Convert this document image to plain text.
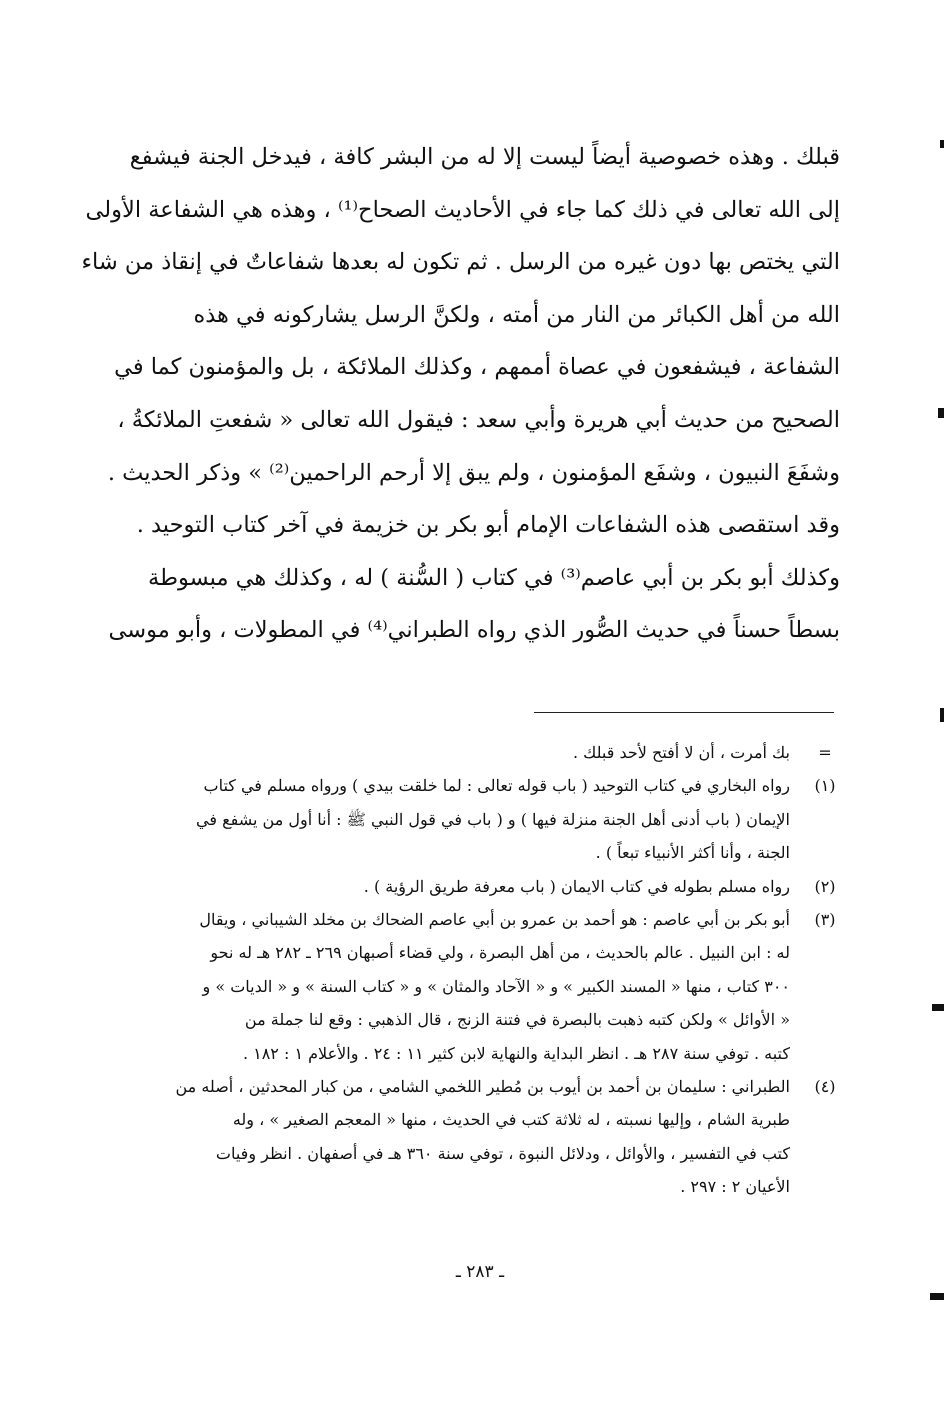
قبلك . وهذه خصوصية أيضاً ليست إلا له من البشر كافة ، فيدخل الجنة فيشفع
إلى الله تعالى في ذلك كما جاء في الأحاديث الصحاح⁽¹⁾ ، وهذه هي الشفاعة الأولى
التي يختص بها دون غيره من الرسل . ثم تكون له بعدها شفاعاتٌ في إنقاذ من شاء
الله من أهل الكبائر من النار من أمته ، ولكنَّ الرسل يشاركونه في هذه
الشفاعة ، فيشفعون في عصاة أممهم ، وكذلك الملائكة ، بل والمؤمنون كما في
الصحيح من حديث أبي هريرة وأبي سعد : فيقول الله تعالى « شفعتِ الملائكةُ ،
وشفَعَ النبيون ، وشفَع المؤمنون ، ولم يبق إلا أرحم الراحمين⁽²⁾ » وذكر الحديث .
وقد استقصى هذه الشفاعات الإمام أبو بكر بن خزيمة في آخر كتاب التوحيد .
وكذلك أبو بكر بن أبي عاصم⁽³⁾ في كتاب ( السُّنة ) له ، وكذلك هي مبسوطة
بسطاً حسناً في حديث الصُّور الذي رواه الطبراني⁽⁴⁾ في المطولات ، وأبو موسى
=
بك أمرت ، أن لا أفتح لأحد قبلك .
(١)
رواه البخاري في كتاب التوحيد ( باب قوله تعالى : لما خلقت بيدي ) ورواه مسلم في كتاب
الإيمان ( باب أدنى أهل الجنة منزلة فيها ) و ( باب في قول النبي ﷺ : أنا أول من يشفع في
الجنة ، وأنا أكثر الأنبياء تبعاً ) .
(٢)
رواه مسلم بطوله في كتاب الايمان ( باب معرفة طريق الرؤية ) .
(٣)
أبو بكر بن أبي عاصم : هو أحمد بن عمرو بن أبي عاصم الضحاك بن مخلد الشيباني ، ويقال
له : ابن النبيل . عالم بالحديث ، من أهل البصرة ، ولي قضاء أصبهان ٢٦٩ ـ ٢٨٢ هـ له نحو
٣٠٠ كتاب ، منها « المسند الكبير » و « الآحاد والمثان » و « كتاب السنة » و « الديات » و
« الأوائل » ولكن كتبه ذهبت بالبصرة في فتنة الزنج ، قال الذهبي : وقع لنا جملة من
كتبه . توفي سنة ٢٨٧ هـ . انظر البداية والنهاية لابن كثير ١١ : ٢٤ . والأعلام ١ : ١٨٢ .
(٤)
الطبراني : سليمان بن أحمد بن أيوب بن مُطير اللخمي الشامي ، من كبار المحدثين ، أصله من
طبرية الشام ، وإليها نسبته ، له ثلاثة كتب في الحديث ، منها « المعجم الصغير » ، وله
كتب في التفسير ، والأوائل ، ودلائل النبوة ، توفي سنة ٣٦٠ هـ في أصفهان . انظر وفيات
الأعيان ٢ : ٢٩٧ .
ـ ٢٨٣ ـ
